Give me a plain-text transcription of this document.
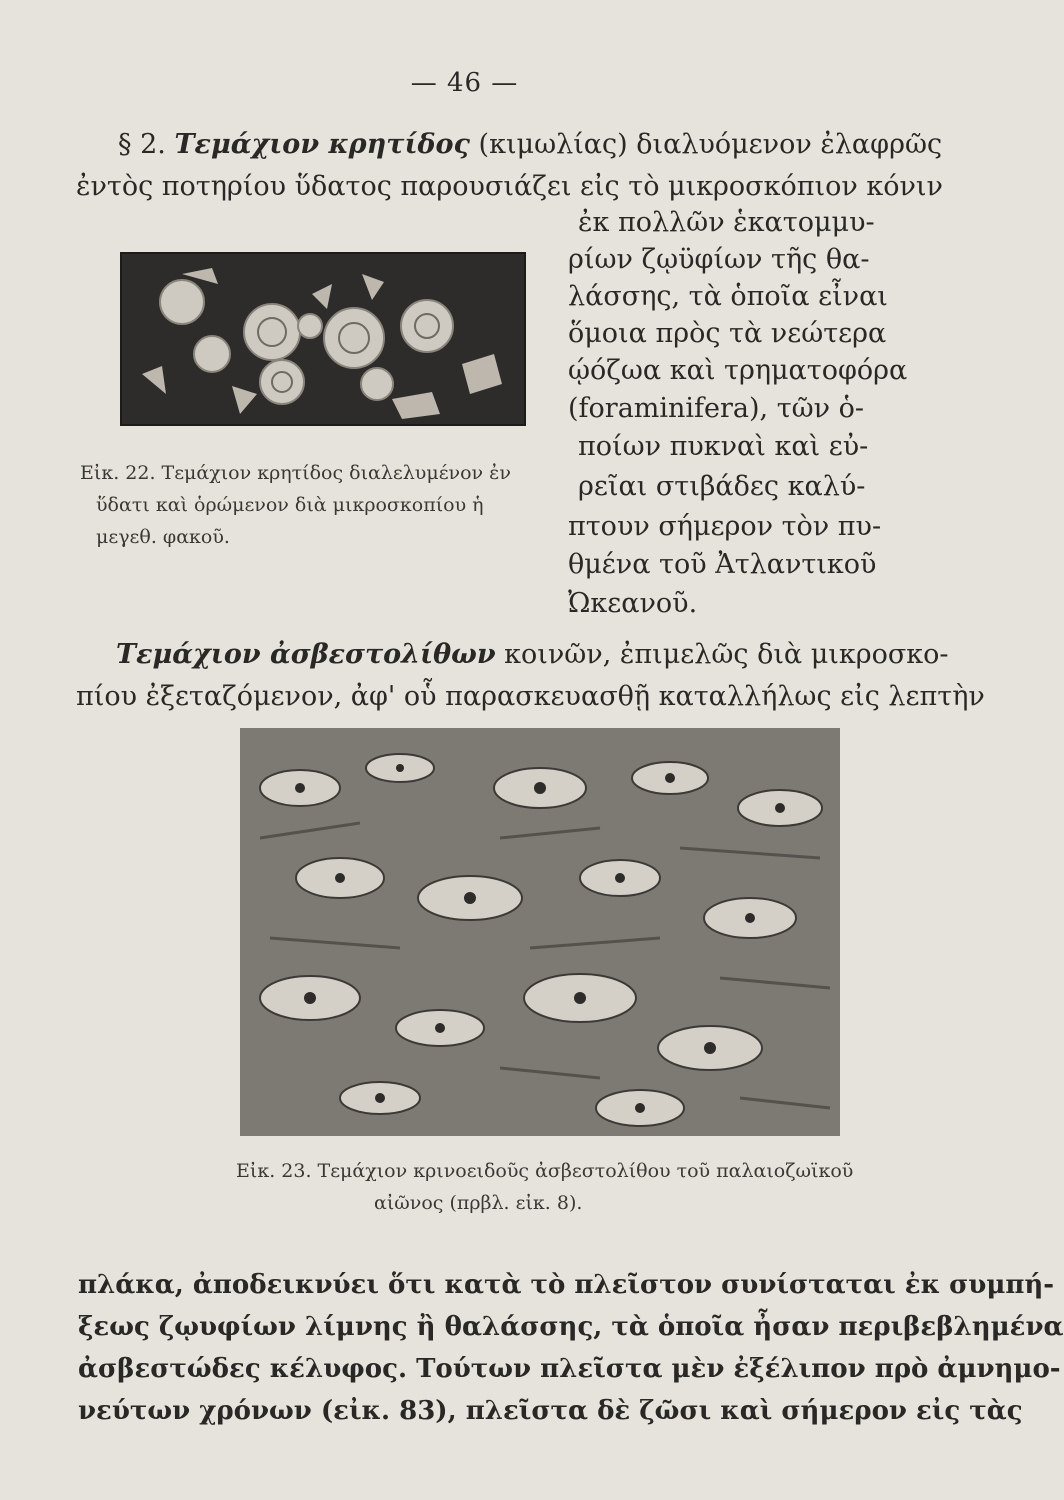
— 46 —
§ 2. Τεμάχιον κρητίδος (κιμωλίας) διαλυόμενον ἐλαφρῶς
ἐντὸς ποτηρίου ὕδατος παρουσιάζει εἰς τὸ μικροσκόπιον κόνιν
ἐκ πολλῶν ἑκατομμυ-
ρίων ζῳϋφίων τῆς θα-
λάσσης, τὰ ὁποῖα εἶναι
ὅμοια πρὸς τὰ νεώτερα
ῴόζωα καὶ τρηματοφόρα
(foraminifera), τῶν ὁ-
ποίων πυκναὶ καὶ εὐ-
ρεῖαι στιβάδες καλύ-
πτουν σήμερον τὸν πυ-
θμένα τοῦ Ἀτλαντικοῦ
Ὠκεανοῦ.
Εἰκ. 22. Τεμάχιον κρητίδος διαλελυμένον ἐν
ὕδατι καὶ ὁρώμενον διὰ μικροσκοπίου ἡ
μεγεθ. φακοῦ.
Τεμάχιον ἀσβεστολίθων κοινῶν, ἐπιμελῶς διὰ μικροσκο-
πίου ἐξεταζόμενον, ἀφ' οὗ παρασκευασθῇ καταλλήλως εἰς λεπτὴν
Εἰκ. 23. Τεμάχιον κρινοειδοῦς ἀσβεστολίθου τοῦ παλαιοζωϊκοῦ
αἰῶνος (πρβλ. εἰκ. 8).
πλάκα, ἀποδεικνύει ὅτι κατὰ τὸ πλεῖστον συνίσταται ἐκ συμπή-
ξεως ζῳυφίων λίμνης ἢ θαλάσσης, τὰ ὁποῖα ἦσαν περιβεβλημένα
ἀσβεστώδες κέλυφος. Τούτων πλεῖστα μὲν ἐξέλιπον πρὸ ἀμνημο-
νεύτων χρόνων (εἰκ. 83), πλεῖστα δὲ ζῶσι καὶ σήμερον εἰς τὰς
